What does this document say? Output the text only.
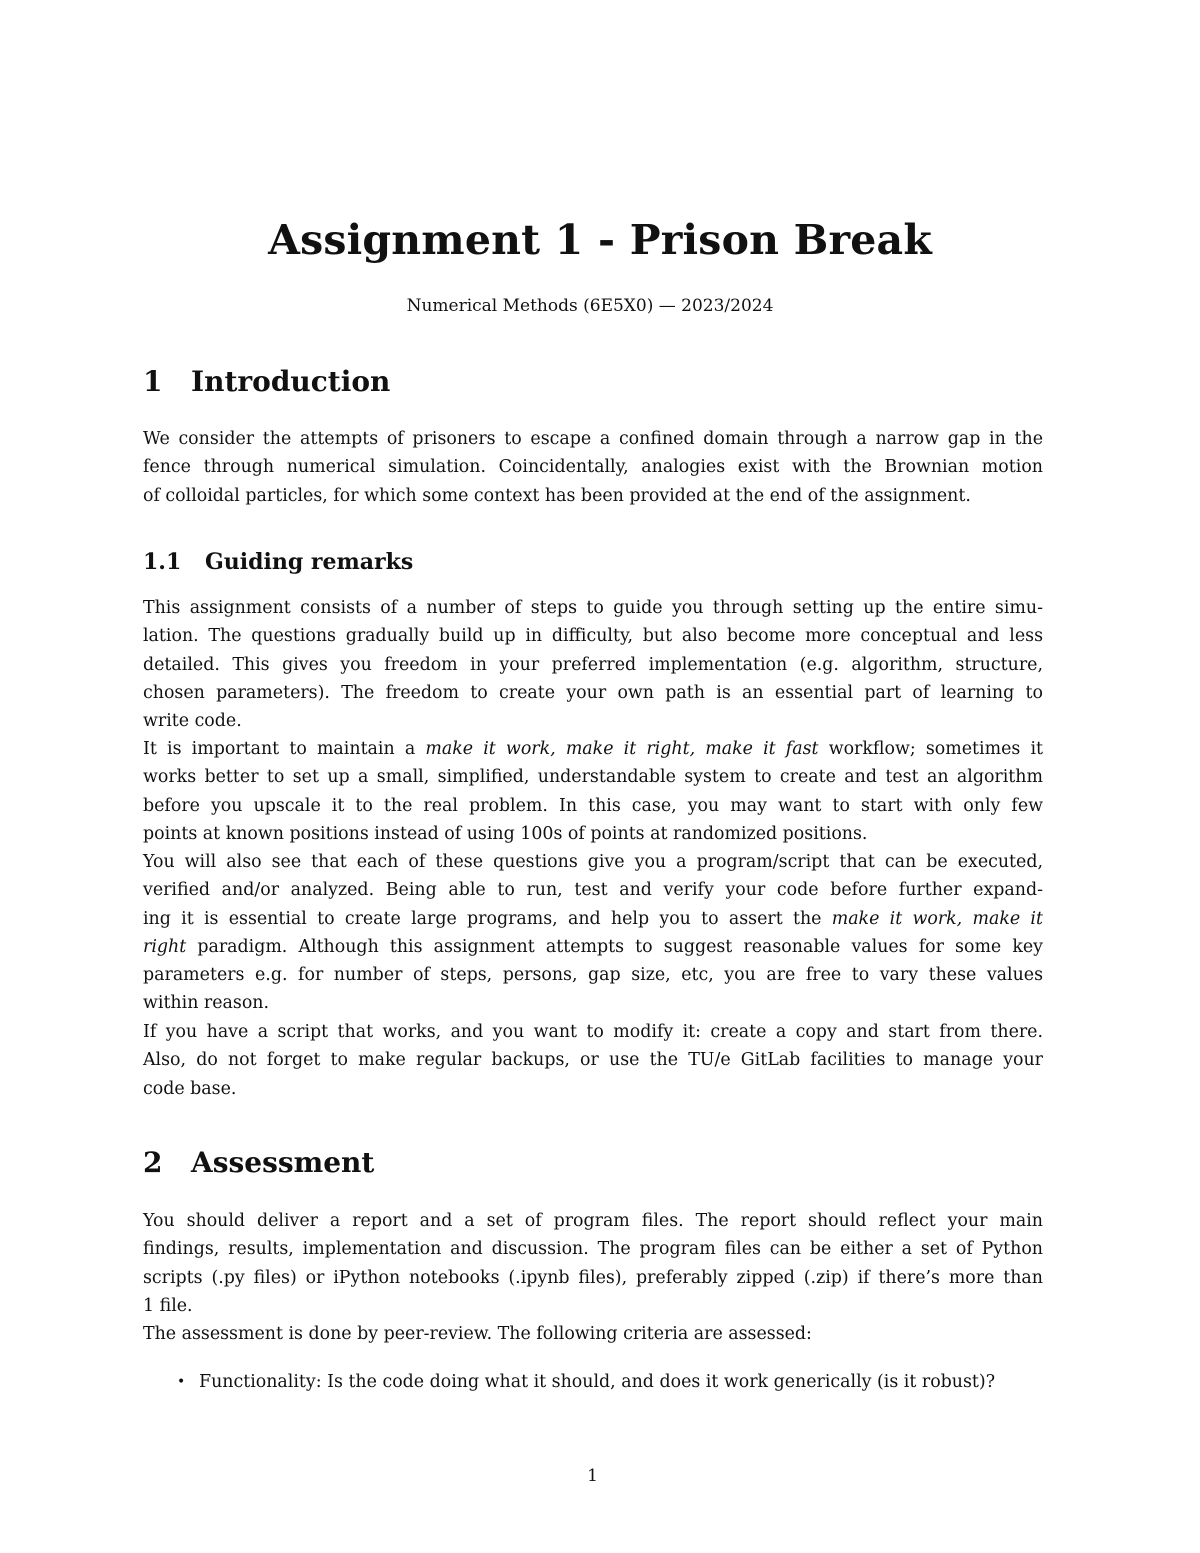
Assignment 1 - Prison Break
Numerical Methods (6E5X0) — 2023/2024
1	Introduction
We consider the attempts of prisoners to escape a confined domain through a narrow gap in the
fence through numerical simulation. Coincidentally, analogies exist with the Brownian motion
of colloidal particles, for which some context has been provided at the end of the assignment.
1.1	Guiding remarks
This assignment consists of a number of steps to guide you through setting up the entire simu-
lation. The questions gradually build up in difficulty, but also become more conceptual and less
detailed. This gives you freedom in your preferred implementation (e.g. algorithm, structure,
chosen parameters). The freedom to create your own path is an essential part of learning to
write code.
It is important to maintain a make it work, make it right, make it fast workflow; sometimes it
works better to set up a small, simplified, understandable system to create and test an algorithm
before you upscale it to the real problem. In this case, you may want to start with only few
points at known positions instead of using 100s of points at randomized positions.
You will also see that each of these questions give you a program/script that can be executed,
verified and/or analyzed. Being able to run, test and verify your code before further expand-
ing it is essential to create large programs, and help you to assert the make it work, make it
right paradigm. Although this assignment attempts to suggest reasonable values for some key
parameters e.g. for number of steps, persons, gap size, etc, you are free to vary these values
within reason.
If you have a script that works, and you want to modify it: create a copy and start from there.
Also, do not forget to make regular backups, or use the TU/e GitLab facilities to manage your
code base.
2	Assessment
You should deliver a report and a set of program files. The report should reflect your main
findings, results, implementation and discussion. The program files can be either a set of Python
scripts (.py files) or iPython notebooks (.ipynb files), preferably zipped (.zip) if there’s more than
1 file.
The assessment is done by peer-review. The following criteria are assessed:
• Functionality: Is the code doing what it should, and does it work generically (is it robust)?
1
